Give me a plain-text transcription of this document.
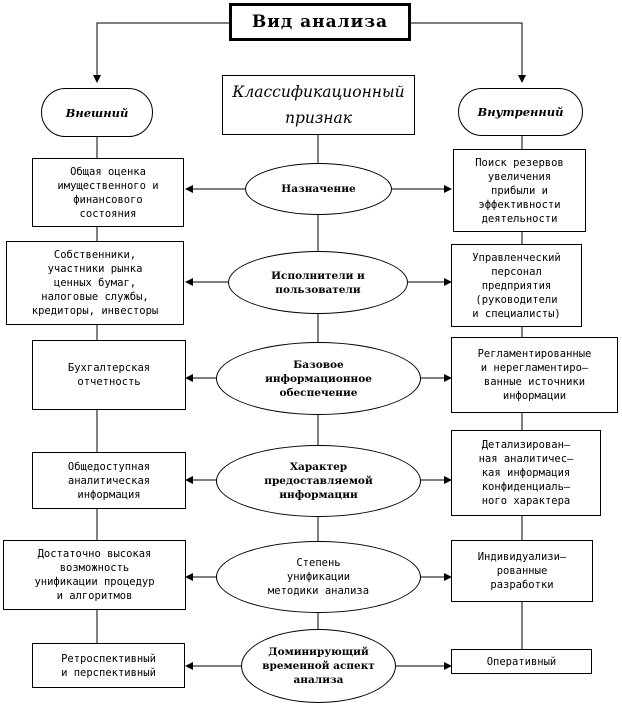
Вид анализа
Внешний
Классификационный
признак	Внутренний
Общая оценка
имущественного и
финансового
состояния
Назначение
Поиск резервов
увеличения
прибыли и
эффективности
деятельности
Собственники,
участники рынка
ценных бумаг,
налоговые службы,
кредиторы, инвесторы
Исполнители и
пользователи
Управленческий
персонал
предприятия
(руководители
и специалисты)
Бухгалтерская
отчетность
Базовое
информационное
обеспечение
Регламентированные
и нерегламентиро–
ванные источники
информации
Общедоступная
аналитическая
информация
Характер
предоставляемой
информации
Детализирован–
ная аналитичес–
кая информация
конфиденциаль–
ного характера
Достаточно высокая
возможность
унификации процедур
и алгоритмов
Степень
унификации
методики анализа
Индивидуализи–
рованные
разработки
Ретроспективный
и перспективный
Доминирующий
временной аспект
анализа
Оперативный
